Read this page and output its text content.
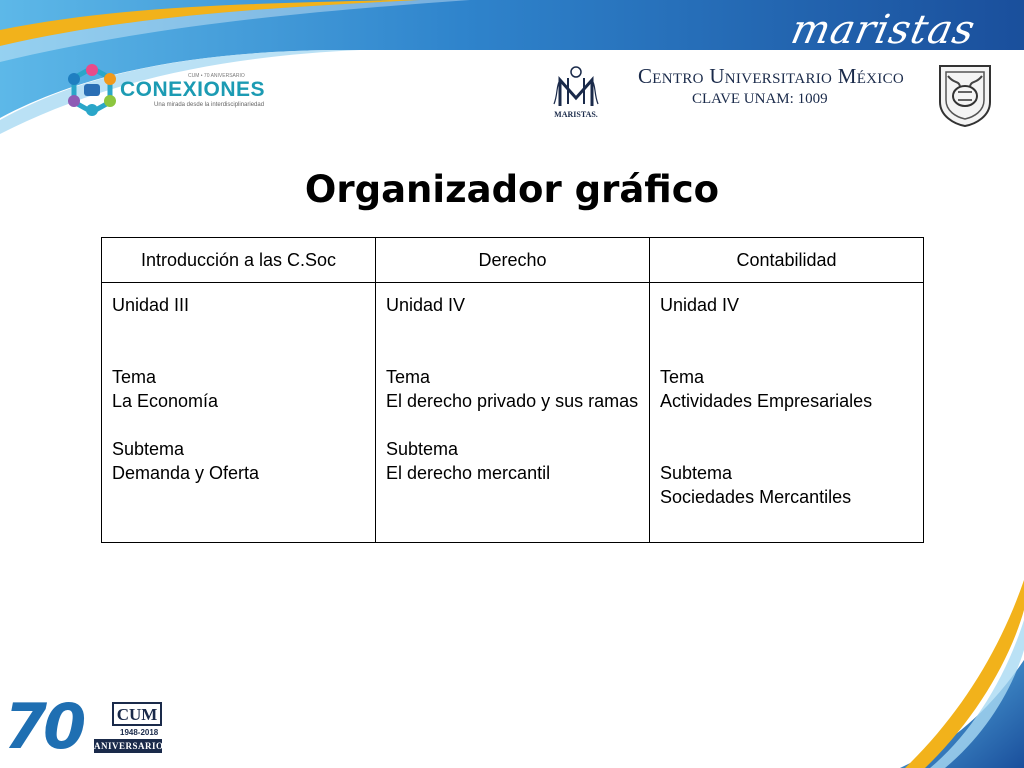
maristas
CUM • 70 ANIVERSARIO
CONEXIONES
Una mirada desde la interdisciplinariedad
MARISTAS.
Centro Universitario México
CLAVE UNAM: 1009
Organizador gráfico
Introducción a las C.Soc	Derecho	Contabilidad

Unidad III
Tema
La Economía
Subtema
Demanda y Oferta	Unidad IV
Tema
El derecho privado y sus ramas
Subtema
El derecho mercantil	Unidad IV
Tema
Actividades Empresariales
Subtema
Sociedades Mercantiles
70 CUM
1948-2018
ANIVERSARIO
